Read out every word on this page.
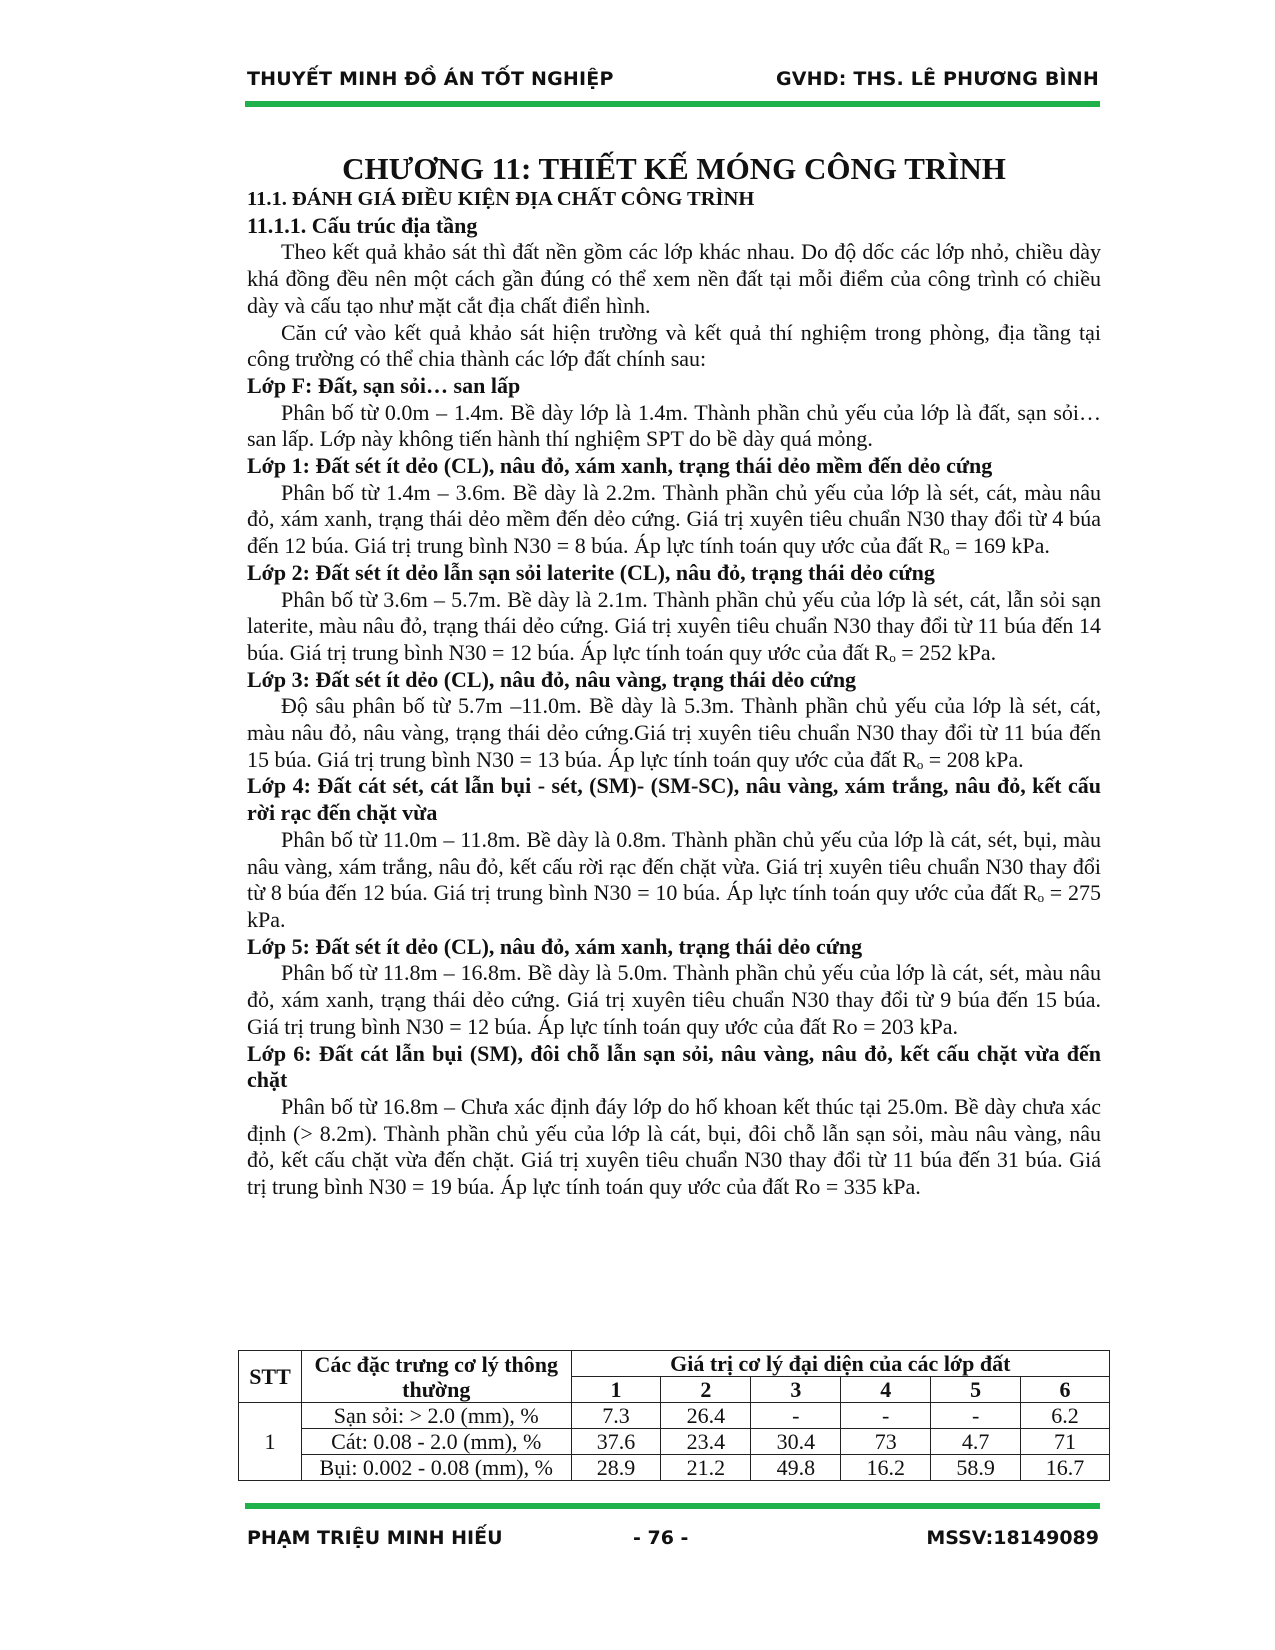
THUYẾT MINH ĐỒ ÁN TỐT NGHIỆP	GVHD: THS. LÊ PHƯƠNG BÌNH
CHƯƠNG 11: THIẾT KẾ MÓNG CÔNG TRÌNH
11.1. ĐÁNH GIÁ ĐIỀU KIỆN ĐỊA CHẤT CÔNG TRÌNH
11.1.1. Cấu trúc địa tầng

Theo kết quả khảo sát thì đất nền gồm các lớp khác nhau. Do độ dốc các lớp nhỏ, chiều dày khá đồng đều nên một cách gần đúng có thể xem nền đất tại mỗi điểm của công trình có chiều dày và cấu tạo như mặt cắt địa chất điển hình.

Căn cứ vào kết quả khảo sát hiện trường và kết quả thí nghiệm trong phòng, địa tầng tại công trường có thể chia thành các lớp đất chính sau:

Lớp F: Đất, sạn sỏi… san lấp

Phân bố từ 0.0m – 1.4m. Bề dày lớp là 1.4m. Thành phần chủ yếu của lớp là đất, sạn sỏi… san lấp. Lớp này không tiến hành thí nghiệm SPT do bề dày quá mỏng.

Lớp 1: Đất sét ít dẻo (CL), nâu đỏ, xám xanh, trạng thái dẻo mềm đến dẻo cứng

Phân bố từ 1.4m – 3.6m. Bề dày là 2.2m. Thành phần chủ yếu của lớp là sét, cát, màu nâu đỏ, xám xanh, trạng thái dẻo mềm đến dẻo cứng. Giá trị xuyên tiêu chuẩn N30 thay đổi từ 4 búa đến 12 búa. Giá trị trung bình N30 = 8 búa. Áp lực tính toán quy ước của đất Rₒ = 169 kPa.

Lớp 2: Đất sét ít dẻo lẫn sạn sỏi laterite (CL), nâu đỏ, trạng thái dẻo cứng

Phân bố từ 3.6m – 5.7m. Bề dày là 2.1m. Thành phần chủ yếu của lớp là sét, cát, lẫn sỏi sạn laterite, màu nâu đỏ, trạng thái dẻo cứng. Giá trị xuyên tiêu chuẩn N30 thay đổi từ 11 búa đến 14 búa. Giá trị trung bình N30 = 12 búa. Áp lực tính toán quy ước của đất Rₒ = 252 kPa.

Lớp 3: Đất sét ít dẻo (CL), nâu đỏ, nâu vàng, trạng thái dẻo cứng

Độ sâu phân bố từ 5.7m –11.0m. Bề dày là 5.3m. Thành phần chủ yếu của lớp là sét, cát, màu nâu đỏ, nâu vàng, trạng thái dẻo cứng.Giá trị xuyên tiêu chuẩn N30 thay đổi từ 11 búa đến 15 búa. Giá trị trung bình N30 = 13 búa. Áp lực tính toán quy ước của đất Rₒ = 208 kPa.

Lớp 4: Đất cát sét, cát lẫn bụi - sét, (SM)- (SM-SC), nâu vàng, xám trắng, nâu đỏ, kết cấu rời rạc đến chặt vừa

Phân bố từ 11.0m – 11.8m. Bề dày là 0.8m. Thành phần chủ yếu của lớp là cát, sét, bụi, màu nâu vàng, xám trắng, nâu đỏ, kết cấu rời rạc đến chặt vừa. Giá trị xuyên tiêu chuẩn N30 thay đổi từ 8 búa đến 12 búa. Giá trị trung bình N30 = 10 búa. Áp lực tính toán quy ước của đất Rₒ = 275 kPa.

Lớp 5: Đất sét ít dẻo (CL), nâu đỏ, xám xanh, trạng thái dẻo cứng

Phân bố từ 11.8m – 16.8m. Bề dày là 5.0m. Thành phần chủ yếu của lớp là cát, sét, màu nâu đỏ, xám xanh, trạng thái dẻo cứng. Giá trị xuyên tiêu chuẩn N30 thay đổi từ 9 búa đến 15 búa. Giá trị trung bình N30 = 12 búa. Áp lực tính toán quy ước của đất Ro = 203 kPa.

Lớp 6: Đất cát lẫn bụi (SM), đôi chỗ lẫn sạn sỏi, nâu vàng, nâu đỏ, kết cấu chặt vừa đến chặt

Phân bố từ 16.8m – Chưa xác định đáy lớp do hố khoan kết thúc tại 25.0m. Bề dày chưa xác định (> 8.2m). Thành phần chủ yếu của lớp là cát, bụi, đôi chỗ lẫn sạn sỏi, màu nâu vàng, nâu đỏ, kết cấu chặt vừa đến chặt. Giá trị xuyên tiêu chuẩn N30 thay đổi từ 11 búa đến 31 búa. Giá trị trung bình N30 = 19 búa. Áp lực tính toán quy ước của đất Ro = 335 kPa.

STT	Các đặc trưng cơ lý thông thường	Giá trị cơ lý đại diện của các lớp đất					
		1	2	3	4	5	6
1	Sạn sỏi: > 2.0 (mm), %	7.3	26.4	-	-	-	6.2
	Cát: 0.08 - 2.0 (mm), %	37.6	23.4	30.4	73	4.7	71
	Bụi: 0.002 - 0.08 (mm), %	28.9	21.2	49.8	16.2	58.9	16.7
PHẠM TRIỆU MINH HIẾU	- 76 -	MSSV:18149089
